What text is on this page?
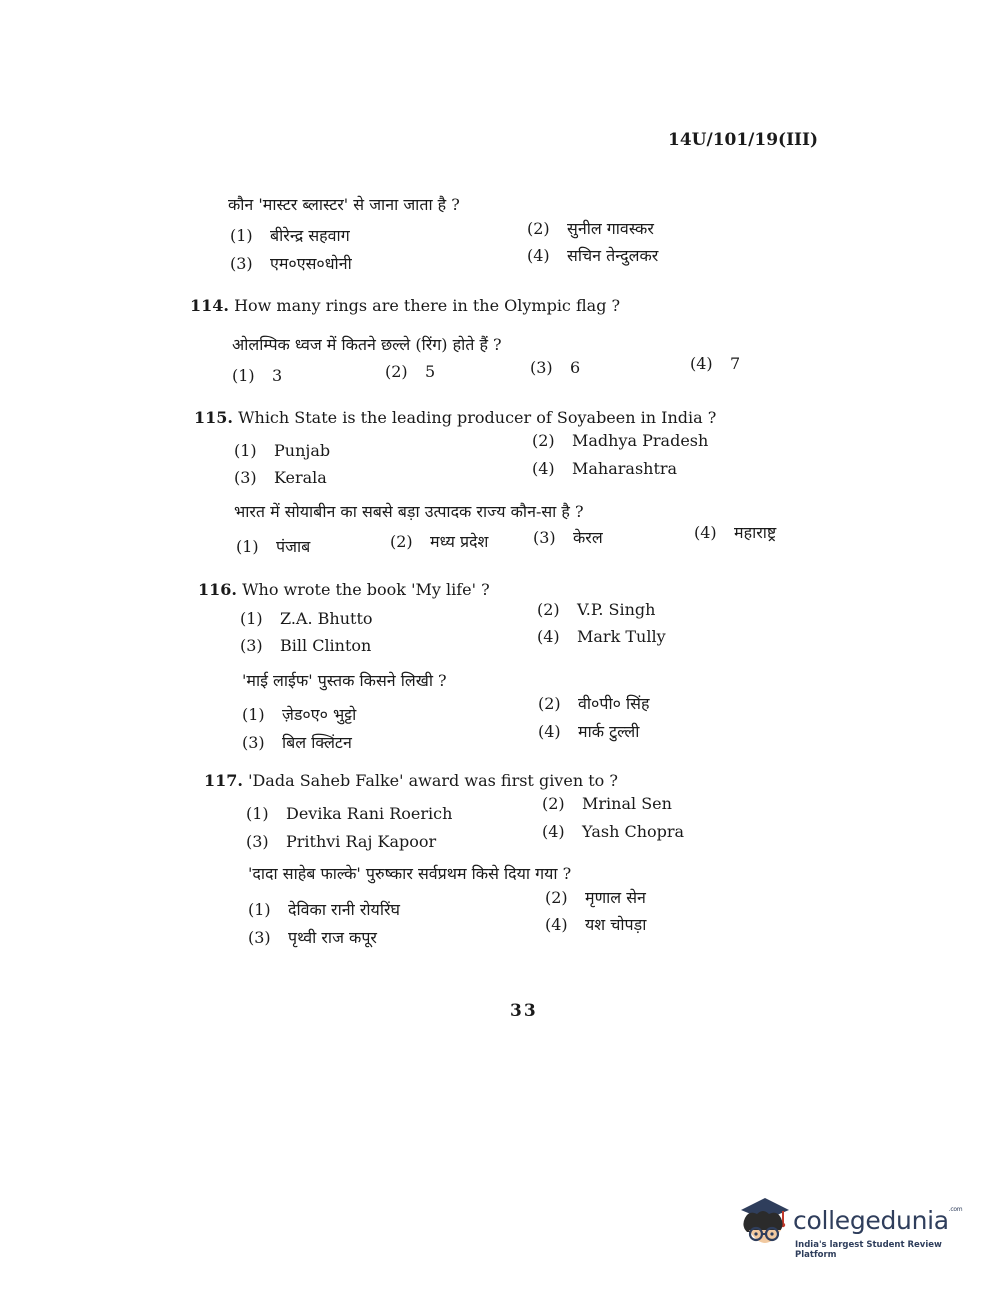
14U/101/19(III)
कौन 'मास्टर ब्लास्टर' से जाना जाता है ?
(1) बीरेन्द्र सहवाग	(2) सुनील गावस्कर
(3) एम०एस०धोनी	(4) सचिन तेन्दुलकर
114. How many rings are there in the Olympic flag ?
ओलम्पिक ध्वज में कितने छल्ले (रिंग) होते हैं ?
(1) 3	(2) 5	(3) 6	(4) 7
115. Which State is the leading producer of Soyabeen in India ?
(1) Punjab
(2) Madhya Pradesh
(3) Kerala	(4) Maharashtra
भारत में सोयाबीन का सबसे बड़ा उत्पादक राज्य कौन-सा है ?
(1) पंजाब	(2) मध्य प्रदेश	(3) केरल	(4) महाराष्ट्र
116. Who wrote the book 'My life' ?
(1) Z.A. Bhutto	(2) V.P. Singh
(3) Bill Clinton	(4) Mark Tully
'माई लाईफ' पुस्तक किसने लिखी ?
(1) ज़ेड०ए० भुट्टो
(2) वी०पी० सिंह
(3) बिल क्लिंटन
(4) मार्क टुल्ली
117. 'Dada Saheb Falke' award was first given to ?
(1) Devika Rani Roerich
(2) Mrinal Sen
(3) Prithvi Raj Kapoor
(4) Yash Chopra
'दादा साहेब फाल्के' पुरुष्कार सर्वप्रथम किसे दिया गया ?
(1) देविका रानी रोयरिंघ
(2) मृणाल सेन
(3) पृथ्वी राज कपूर
(4) यश चोपड़ा
33
collegedunia$^{.com}$
India's largest Student Review Platform
